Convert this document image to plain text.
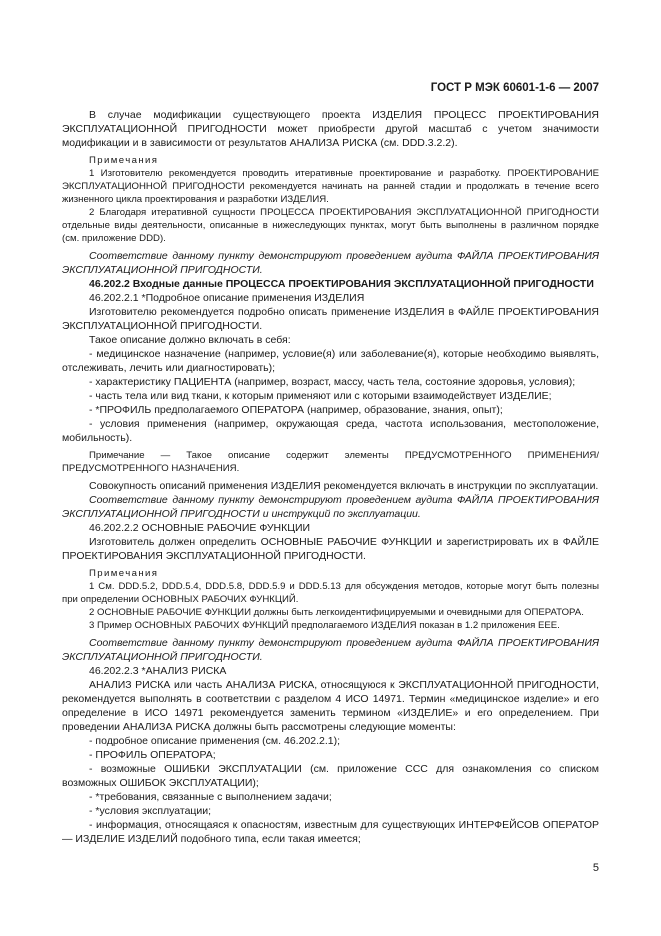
ГОСТ Р МЭК 60601-1-6 — 2007

В случае модификации существующего проекта ИЗДЕЛИЯ ПРОЦЕСС ПРОЕКТИРОВАНИЯ ЭКСПЛУАТАЦИОННОЙ ПРИГОДНОСТИ может приобрести другой масштаб с учетом значимости модификации и в зависимости от результатов АНАЛИЗА РИСКА (см. DDD.3.2.2).

Примечания

1 Изготовителю рекомендуется проводить итеративные проектирование и разработку. ПРОЕКТИРОВАНИЕ ЭКСПЛУАТАЦИОННОЙ ПРИГОДНОСТИ рекомендуется начинать на ранней стадии и продолжать в течение всего жизненного цикла проектирования и разработки ИЗДЕЛИЯ.

2 Благодаря итеративной сущности ПРОЦЕССА ПРОЕКТИРОВАНИЯ ЭКСПЛУАТАЦИОННОЙ ПРИГОДНОСТИ отдельные виды деятельности, описанные в нижеследующих пунктах, могут быть выполнены в различном порядке (см. приложение DDD).

Соответствие данному пункту демонстрируют проведением аудита ФАЙЛА ПРОЕКТИРОВАНИЯ ЭКСПЛУАТАЦИОННОЙ ПРИГОДНОСТИ.

46.202.2 Входные данные ПРОЦЕССА ПРОЕКТИРОВАНИЯ ЭКСПЛУАТАЦИОННОЙ ПРИГОДНОСТИ

46.202.2.1 *Подробное описание применения ИЗДЕЛИЯ

Изготовителю рекомендуется подробно описать применение ИЗДЕЛИЯ в ФАЙЛЕ ПРОЕКТИРОВАНИЯ ЭКСПЛУАТАЦИОННОЙ ПРИГОДНОСТИ.

Такое описание должно включать в себя:

- медицинское назначение (например, условие(я) или заболевание(я), которые необходимо выявлять, отслеживать, лечить или диагностировать);

- характеристику ПАЦИЕНТА (например, возраст, массу, часть тела, состояние здоровья, условия);

- часть тела или вид ткани, к которым применяют или с которыми взаимодействует ИЗДЕЛИЕ;

- *ПРОФИЛЬ предполагаемого ОПЕРАТОРА (например, образование, знания, опыт);

- условия применения (например, окружающая среда, частота использования, местоположение, мобильность).

Примечание — Такое описание содержит элементы ПРЕДУСМОТРЕННОГО ПРИМЕНЕНИЯ/ПРЕДУСМОТРЕННОГО НАЗНАЧЕНИЯ.

Совокупность описаний применения ИЗДЕЛИЯ рекомендуется включать в инструкции по эксплуатации.

Соответствие данному пункту демонстрируют проведением аудита ФАЙЛА ПРОЕКТИРОВАНИЯ ЭКСПЛУАТАЦИОННОЙ ПРИГОДНОСТИ и инструкций по эксплуатации.

46.202.2.2 ОСНОВНЫЕ РАБОЧИЕ ФУНКЦИИ

Изготовитель должен определить ОСНОВНЫЕ РАБОЧИЕ ФУНКЦИИ и зарегистрировать их в ФАЙЛЕ ПРОЕКТИРОВАНИЯ ЭКСПЛУАТАЦИОННОЙ ПРИГОДНОСТИ.

Примечания

1 См. DDD.5.2, DDD.5.4, DDD.5.8, DDD.5.9 и DDD.5.13 для обсуждения методов, которые могут быть полезны при определении ОСНОВНЫХ РАБОЧИХ ФУНКЦИЙ.

2 ОСНОВНЫЕ РАБОЧИЕ ФУНКЦИИ должны быть легкоидентифицируемыми и очевидными для ОПЕРАТОРА.

3 Пример ОСНОВНЫХ РАБОЧИХ ФУНКЦИЙ предполагаемого ИЗДЕЛИЯ показан в 1.2 приложения ЕЕЕ.

Соответствие данному пункту демонстрируют проведением аудита ФАЙЛА ПРОЕКТИРОВАНИЯ ЭКСПЛУАТАЦИОННОЙ ПРИГОДНОСТИ.

46.202.2.3 *АНАЛИЗ РИСКА

АНАЛИЗ РИСКА или часть АНАЛИЗА РИСКА, относящуюся к ЭКСПЛУАТАЦИОННОЙ ПРИГОДНОСТИ, рекомендуется выполнять в соответствии с разделом 4 ИСО 14971. Термин «медицинское изделие» и его определение в ИСО 14971 рекомендуется заменить термином «ИЗДЕЛИЕ» и его определением. При проведении АНАЛИЗА РИСКА должны быть рассмотрены следующие моменты:

- подробное описание применения (см. 46.202.2.1);

- ПРОФИЛЬ ОПЕРАТОРА;

- возможные ОШИБКИ ЭКСПЛУАТАЦИИ (см. приложение ССС для ознакомления со списком возможных ОШИБОК ЭКСПЛУАТАЦИИ);

- *требования, связанные с выполнением задачи;

- *условия эксплуатации;

- информация, относящаяся к опасностям, известным для существующих ИНТЕРФЕЙСОВ ОПЕРАТОР — ИЗДЕЛИЕ ИЗДЕЛИЙ подобного типа, если такая имеется;

5
